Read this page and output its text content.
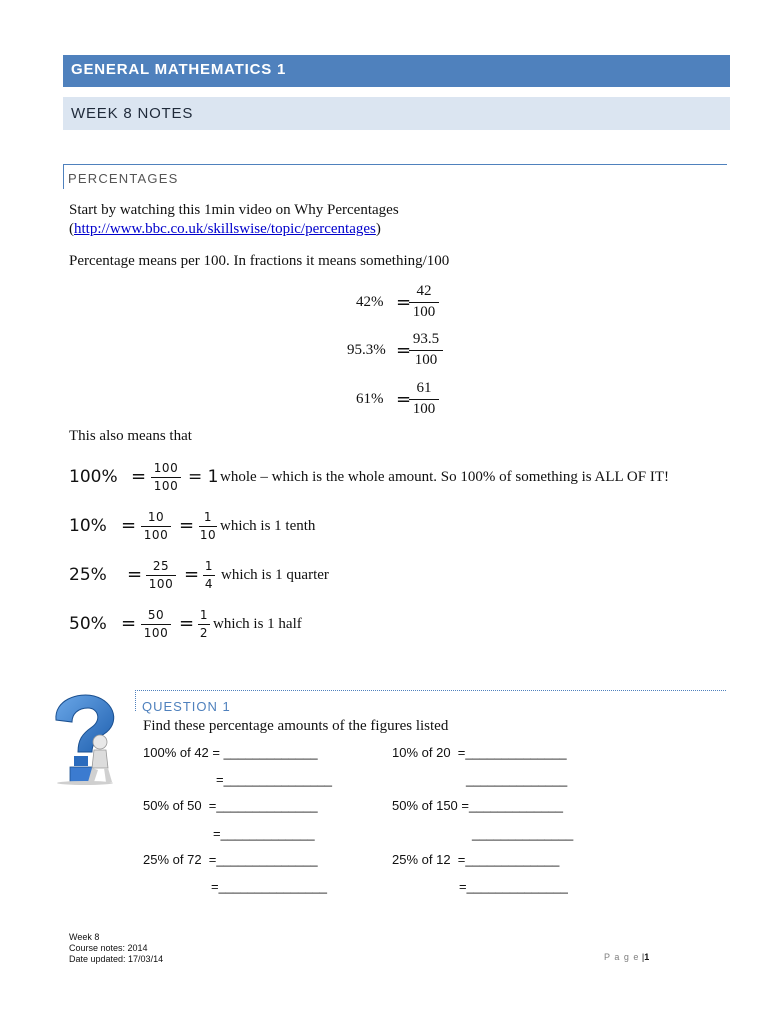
GENERAL MATHEMATICS 1
WEEK 8 NOTES
PERCENTAGES
Start by watching this 1min video on Why Percentages
(http://www.bbc.co.uk/skillswise/topic/percentages)
Percentage means per 100. In fractions it means something/100
42% =
42
100
95.3% =
93.5
100
61% =
61
100
This also means that
100% = 100
100 = 1 whole – which is the whole amount. So 100% of something is ALL OF IT!
10% = 10
100 = 1
10
which is 1 tenth
25% = 25
100 = 1
4
which is 1 quarter
50% = 50
100 = 1
2
which is 1 half
QUESTION 1
Find these percentage amounts of the figures listed
100% of 42 = _____________
=_______________
50% of 50  =______________
=_____________
25% of 72  =______________
=_______________
10% of 20  =______________
______________
50% of 150 =_____________
______________
25% of 12  =_____________
=______________
Week 8
Course notes: 2014
Date updated: 17/03/14	P a g e |1
